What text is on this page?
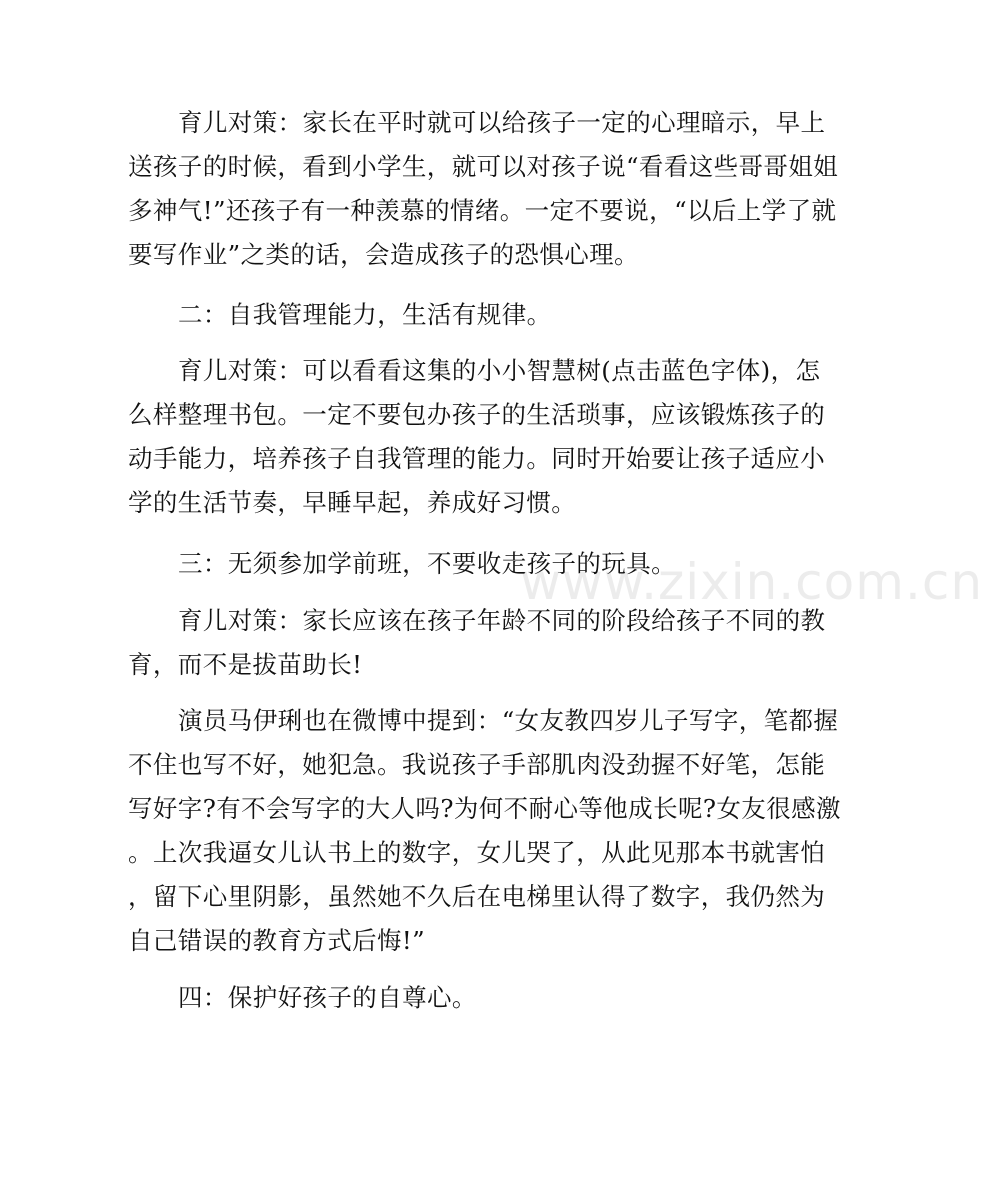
www.zixin.com.cn
育儿对策：家长在平时就可以给孩子一定的心理暗示，早上
送孩子的时候，看到小学生，就可以对孩子说“看看这些哥哥姐姐
多神气!”还孩子有一种羡慕的情绪。一定不要说，“以后上学了就
要写作业”之类的话，会造成孩子的恐惧心理。
二：自我管理能力，生活有规律。
育儿对策：可以看看这集的小小智慧树(点击蓝色字体)，怎
么样整理书包。一定不要包办孩子的生活琐事，应该锻炼孩子的
动手能力，培养孩子自我管理的能力。同时开始要让孩子适应小
学的生活节奏，早睡早起，养成好习惯。
三：无须参加学前班，不要收走孩子的玩具。
育儿对策：家长应该在孩子年龄不同的阶段给孩子不同的教
育，而不是拔苗助长!
演员马伊琍也在微博中提到：“女友教四岁儿子写字，笔都握
不住也写不好，她犯急。我说孩子手部肌肉没劲握不好笔，怎能
写好字?有不会写字的大人吗?为何不耐心等他成长呢?女友很感激
。上次我逼女儿认书上的数字，女儿哭了，从此见那本书就害怕
，留下心里阴影，虽然她不久后在电梯里认得了数字，我仍然为
自己错误的教育方式后悔!”
四：保护好孩子的自尊心。
